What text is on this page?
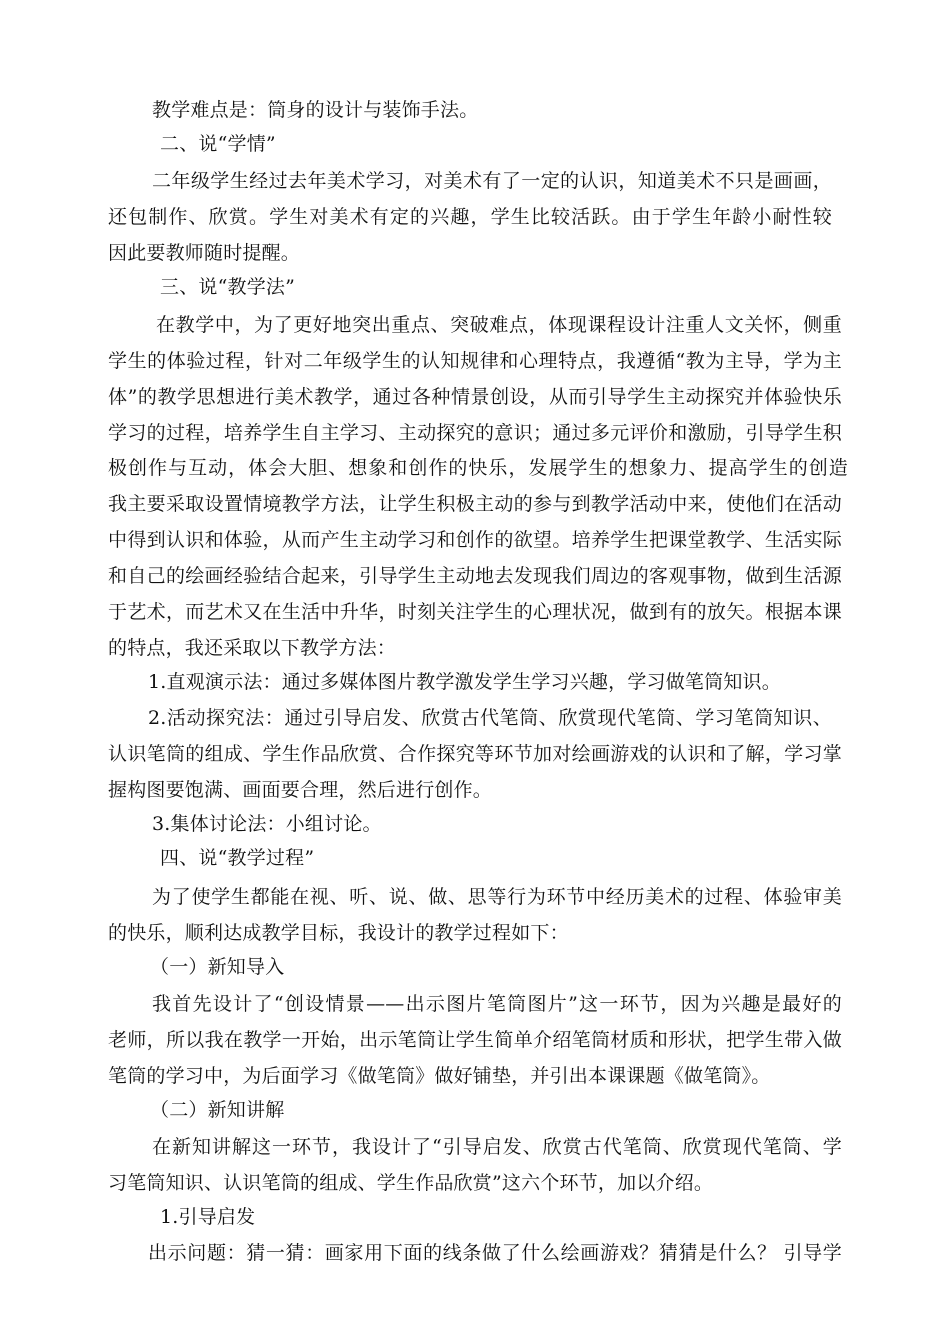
教学难点是：筒身的设计与装饰手法。
二、说“学情”
二年级学生经过去年美术学习，对美术有了一定的认识，知道美术不只是画画，
还包制作、欣赏。学生对美术有定的兴趣，学生比较活跃。由于学生年龄小耐性较
因此要教师随时提醒。
三、说“教学法”
在教学中，为了更好地突出重点、突破难点，体现课程设计注重人文关怀，侧重
学生的体验过程，针对二年级学生的认知规律和心理特点，我遵循“教为主导，学为主
体”的教学思想进行美术教学，通过各种情景创设，从而引导学生主动探究并体验快乐
学习的过程，培养学生自主学习、主动探究的意识；通过多元评价和激励，引导学生积
极创作与互动，体会大胆、想象和创作的快乐，发展学生的想象力、提高学生的创造
我主要采取设置情境教学方法，让学生积极主动的参与到教学活动中来，使他们在活动
中得到认识和体验，从而产生主动学习和创作的欲望。培养学生把课堂教学、生活实际
和自己的绘画经验结合起来，引导学生主动地去发现我们周边的客观事物，做到生活源
于艺术，而艺术又在生活中升华，时刻关注学生的心理状况，做到有的放矢。根据本课
的特点，我还采取以下教学方法：
1.直观演示法：通过多媒体图片教学激发学生学习兴趣，学习做笔筒知识。
2.活动探究法：通过引导启发、欣赏古代笔筒、欣赏现代笔筒、学习笔筒知识、
认识笔筒的组成、学生作品欣赏、合作探究等环节加对绘画游戏的认识和了解，学习掌
握构图要饱满、画面要合理，然后进行创作。
3.集体讨论法：小组讨论。
四、说“教学过程”
为了使学生都能在视、听、说、做、思等行为环节中经历美术的过程、体验审美
的快乐，顺利达成教学目标，我设计的教学过程如下：
（一）新知导入
我首先设计了“创设情景——出示图片笔筒图片”这一环节，因为兴趣是最好的
老师，所以我在教学一开始，出示笔筒让学生简单介绍笔筒材质和形状，把学生带入做
笔筒的学习中，为后面学习《做笔筒》做好铺垫，并引出本课课题《做笔筒》。
（二）新知讲解
在新知讲解这一环节，我设计了“引导启发、欣赏古代笔筒、欣赏现代笔筒、学
习笔筒知识、认识笔筒的组成、学生作品欣赏”这六个环节，加以介绍。
1.引导启发
出示问题：猜一猜：画家用下面的线条做了什么绘画游戏？猜猜是什么？ 引导学
